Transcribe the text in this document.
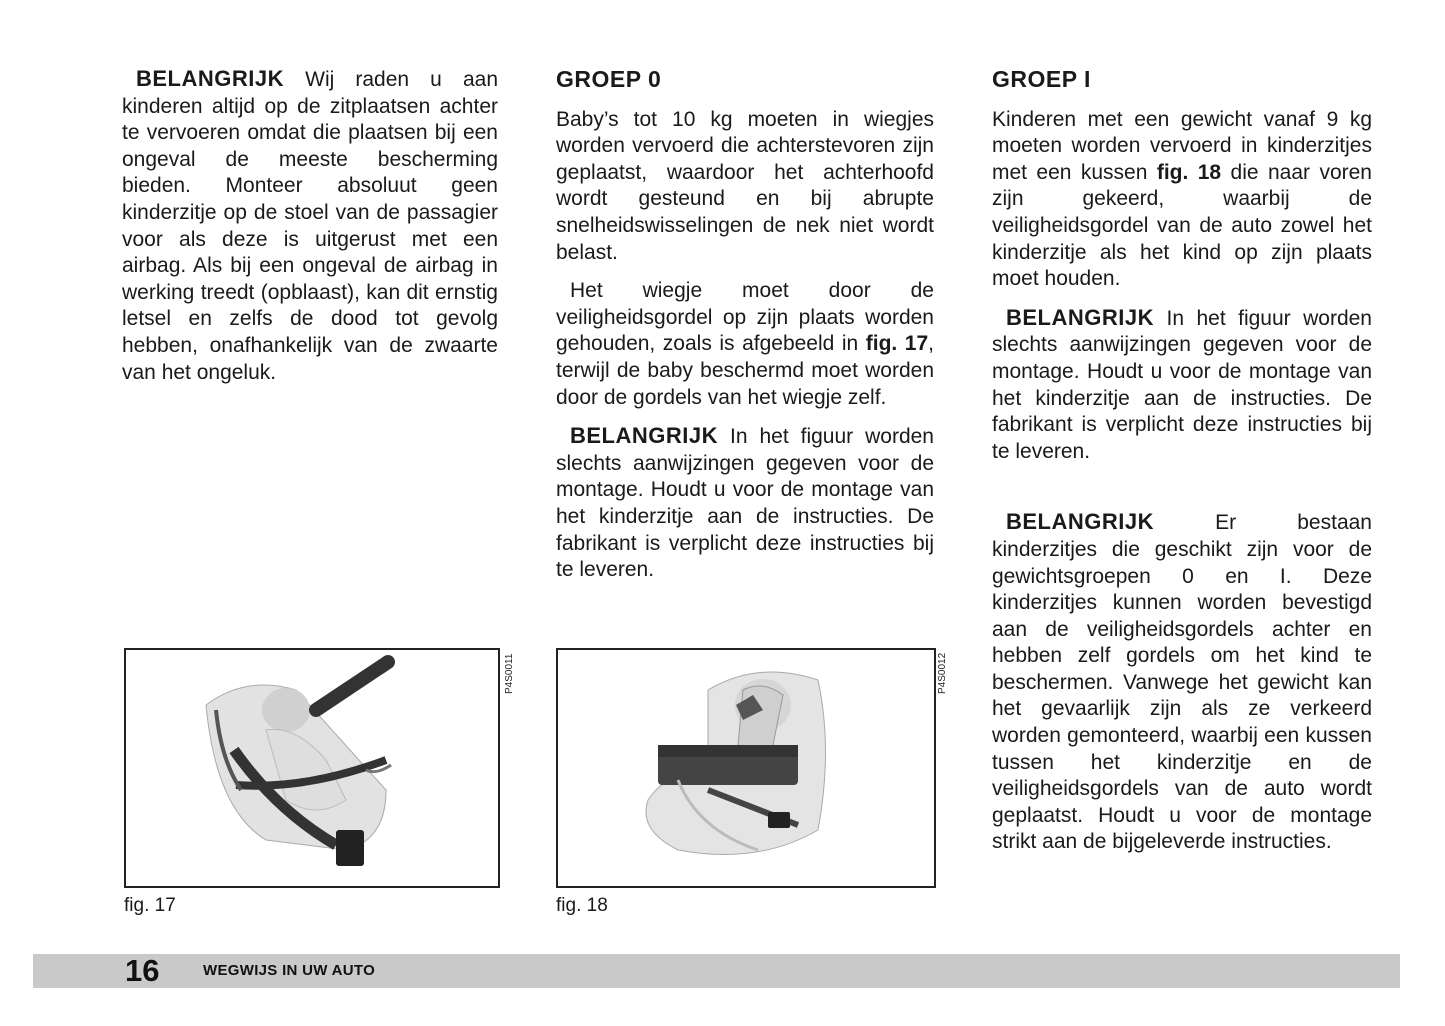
BELANGRIJK Wij raden u aan kinderen altijd op de zitplaatsen achter te vervoeren omdat die plaatsen bij een ongeval de meeste bescherming bieden. Monteer absoluut geen kinderzitje op de stoel van de passagier voor als deze is uitgerust met een airbag. Als bij een ongeval de airbag in werking treedt (opblaast), kan dit ernstig letsel en zelfs de dood tot gevolg hebben, onafhankelijk van de zwaarte van het ongeluk.

GROEP 0

Baby’s tot 10 kg moeten in wiegjes worden vervoerd die achterstevoren zijn geplaatst, waardoor het achterhoofd wordt gesteund en bij abrupte snelheidswisselingen de nek niet wordt belast.

Het wiegje moet door de veiligheidsgordel op zijn plaats worden gehouden, zoals is afgebeeld in fig. 17, terwijl de baby beschermd moet worden door de gordels van het wiegje zelf.

BELANGRIJK In het figuur worden slechts aanwijzingen gegeven voor de montage. Houdt u voor de montage van het kinderzitje aan de instructies. De fabrikant is verplicht deze instructies bij te leveren.

GROEP I

Kinderen met een gewicht vanaf 9 kg moeten worden vervoerd in kinderzitjes met een kussen fig. 18 die naar voren zijn gekeerd, waarbij de veiligheidsgordel van de auto zowel het kinderzitje als het kind op zijn plaats moet houden.

BELANGRIJK In het figuur worden slechts aanwijzingen gegeven voor de montage. Houdt u voor de montage van het kinderzitje aan de instructies. De fabrikant is verplicht deze instructies bij te leveren.

BELANGRIJK	Er bestaan kinderzitjes die geschikt zijn voor de gewichtsgroepen 0 en I. Deze kinderzitjes kunnen worden bevestigd aan de veiligheidsgordels achter en hebben zelf gordels om het kind te beschermen. Vanwege het gewicht kan het gevaarlijk zijn als ze verkeerd worden gemonteerd, waarbij een kussen tussen het kinderzitje en de veiligheidsgordels van de auto wordt geplaatst. Houdt u voor de montage strikt aan de bijgeleverde instructies.

P4S0011
fig. 17
P4S0012
fig. 18
16	WEGWIJS IN UW AUTO
